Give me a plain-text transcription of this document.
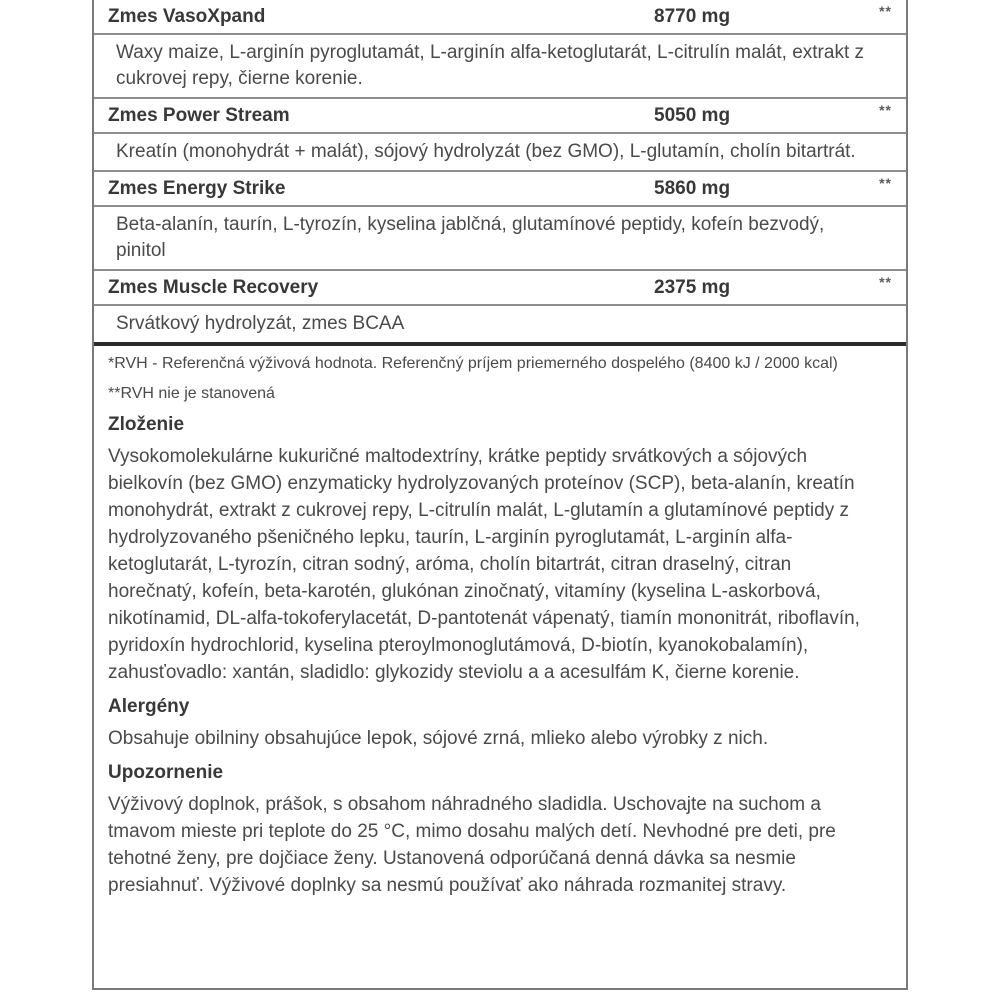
Zmes VasoXpand	8770 mg	**
Waxy maize, L-arginín pyroglutamát, L-arginín alfa-ketoglutarát, L-citrulín malát, extrakt z cukrovej repy, čierne korenie.
Zmes Power Stream	5050 mg	**
Kreatín (monohydrát + malát), sójový hydrolyzát (bez GMO), L-glutamín, cholín bitartrát.
Zmes Energy Strike	5860 mg	**
Beta-alanín, taurín, L-tyrozín, kyselina jablčná, glutamínové peptidy, kofeín bezvodý, pinitol
Zmes Muscle Recovery	2375 mg	**
Srvátkový hydrolyzát, zmes BCAA
*RVH - Referenčná výživová hodnota. Referenčný príjem priemerného dospelého (8400 kJ / 2000 kcal)
**RVH nie je stanovená
Zloženie
Vysokomolekulárne kukuričné maltodextríny, krátke peptidy srvátkových a sójových bielkovín (bez GMO) enzymaticky hydrolyzovaných proteínov (SCP), beta-alanín, kreatín monohydrát, extrakt z cukrovej repy, L-citrulín malát, L-glutamín a glutamínové peptidy z hydrolyzovaného pšeničného lepku, taurín, L-arginín pyroglutamát, L-arginín alfa-ketoglutarát, L-tyrozín, citran sodný, aróma, cholín bitartrát, citran draselný, citran horečnatý, kofeín, beta-karotén, glukónan zinočnatý, vitamíny (kyselina L-askorbová, nikotínamid, DL-alfa-tokoferylacetát, D-pantotenát vápenatý, tiamín mononitrát, riboflavín, pyridoxín hydrochlorid, kyselina pteroylmonoglutámová, D-biotín, kyanokobalamín), zahusťovadlo: xantán, sladidlo: glykozidy steviolu a a acesulfám K, čierne korenie.
Alergény
Obsahuje obilniny obsahujúce lepok, sójové zrná, mlieko alebo výrobky z nich.
Upozornenie
Výživový doplnok, prášok, s obsahom náhradného sladidla. Uschovajte na suchom a tmavom mieste pri teplote do 25 °C, mimo dosahu malých detí. Nevhodné pre deti, pre tehotné ženy, pre dojčiace ženy. Ustanovená odporúčaná denná dávka sa nesmie presiahnuť. Výživové doplnky sa nesmú používať ako náhrada rozmanitej stravy.
